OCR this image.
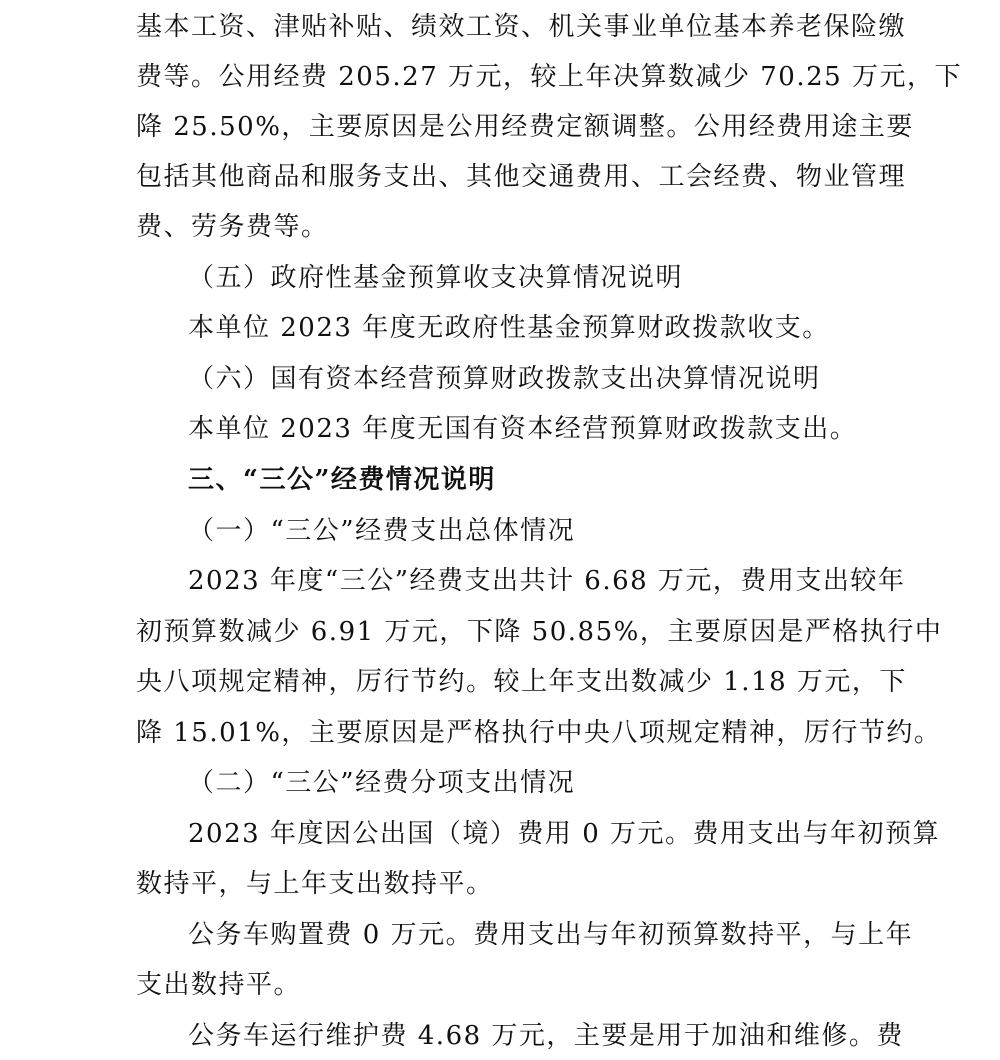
基本工资、津贴补贴、绩效工资、机关事业单位基本养老保险缴
费等。公用经费 205.27 万元，较上年决算数减少 70.25 万元，下
降 25.50%，主要原因是公用经费定额调整。公用经费用途主要
包括其他商品和服务支出、其他交通费用、工会经费、物业管理
费、劳务费等。
（五）政府性基金预算收支决算情况说明
本单位 2023 年度无政府性基金预算财政拨款收支。
（六）国有资本经营预算财政拨款支出决算情况说明
本单位 2023 年度无国有资本经营预算财政拨款支出。
三、“三公”经费情况说明
（一）“三公”经费支出总体情况
2023 年度“三公”经费支出共计 6.68 万元，费用支出较年
初预算数减少 6.91 万元，下降 50.85%，主要原因是严格执行中
央八项规定精神，厉行节约。较上年支出数减少 1.18 万元，下
降 15.01%，主要原因是严格执行中央八项规定精神，厉行节约。
（二）“三公”经费分项支出情况
2023 年度因公出国（境）费用 0 万元。费用支出与年初预算
数持平，与上年支出数持平。
公务车购置费 0 万元。费用支出与年初预算数持平，与上年
支出数持平。
公务车运行维护费 4.68 万元，主要是用于加油和维修。费
